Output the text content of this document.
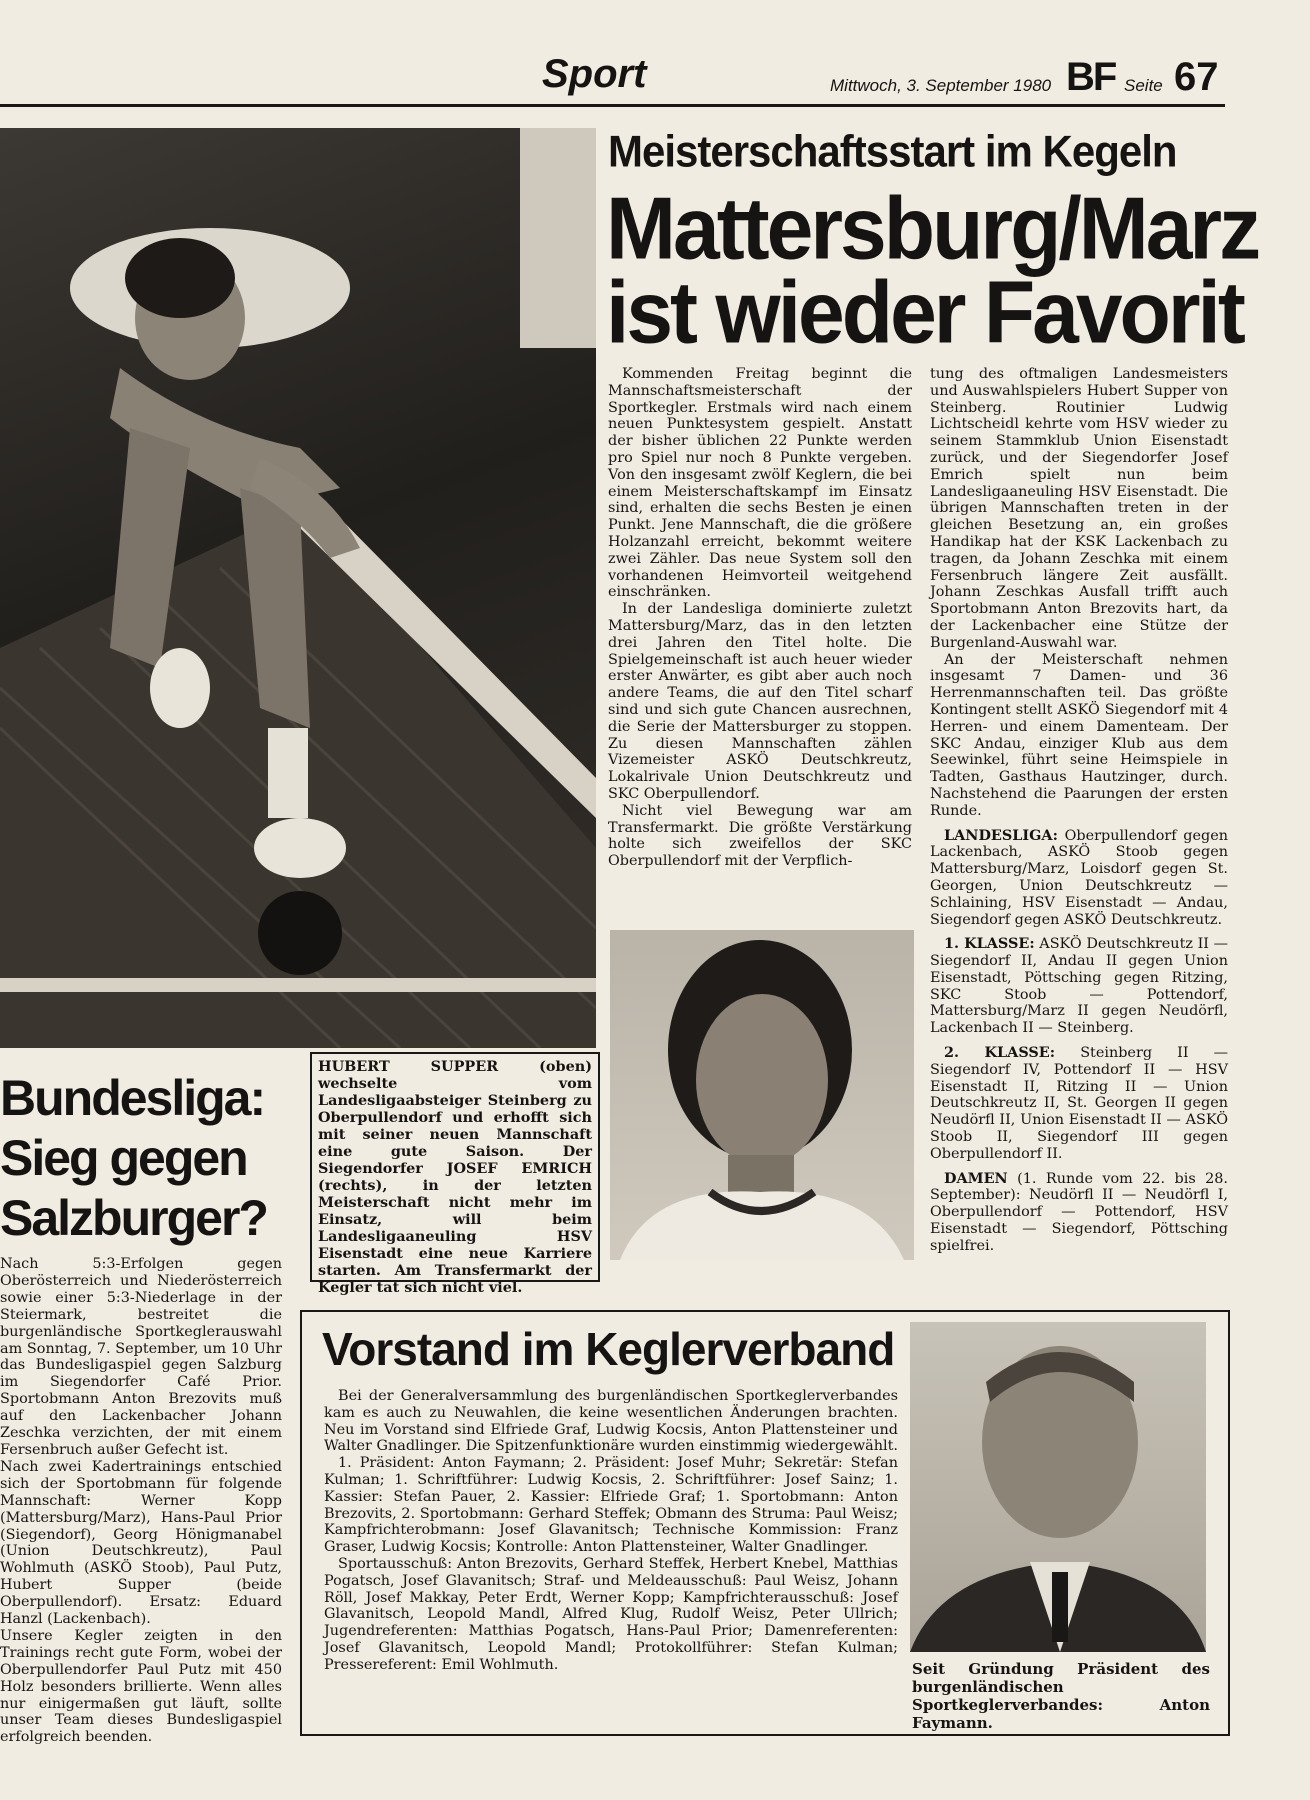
Sport	Mittwoch, 3. September 1980 BF Seite 67
Meisterschaftsstart im Kegeln
Mattersburg/Marz
ist wieder Favorit

Kommenden Freitag beginnt die Mannschaftsmeisterschaft der Sportkegler. Erstmals wird nach einem neuen Punktesystem gespielt. Anstatt der bisher üblichen 22 Punkte werden pro Spiel nur noch 8 Punkte vergeben. Von den insgesamt zwölf Keglern, die bei einem Meisterschaftskampf im Einsatz sind, erhalten die sechs Besten je einen Punkt. Jene Mannschaft, die die größere Holzanzahl erreicht, bekommt weitere zwei Zähler. Das neue System soll den vorhandenen Heimvorteil weitgehend einschränken.

In der Landesliga dominierte zuletzt Mattersburg/Marz, das in den letzten drei Jahren den Titel holte. Die Spielgemeinschaft ist auch heuer wieder erster Anwärter, es gibt aber auch noch andere Teams, die auf den Titel scharf sind und sich gute Chancen ausrechnen, die Serie der Mattersburger zu stoppen. Zu diesen Mannschaften zählen Vizemeister ASKÖ Deutschkreutz, Lokalrivale Union Deutschkreutz und SKC Oberpullendorf.

Nicht viel Bewegung war am Transfermarkt. Die größte Verstärkung holte sich zweifellos der SKC Oberpullendorf mit der Verpflich-

tung des oftmaligen Landesmeisters und Auswahlspielers Hubert Supper von Steinberg. Routinier Ludwig Lichtscheidl kehrte vom HSV wieder zu seinem Stammklub Union Eisenstadt zurück, und der Siegendorfer Josef Emrich spielt nun beim Landesligaaneuling HSV Eisenstadt. Die übrigen Mannschaften treten in der gleichen Besetzung an, ein großes Handikap hat der KSK Lackenbach zu tragen, da Johann Zeschka mit einem Fersenbruch längere Zeit ausfällt. Johann Zeschkas Ausfall trifft auch Sportobmann Anton Brezovits hart, da der Lackenbacher eine Stütze der Burgenland-Auswahl war.

An der Meisterschaft nehmen insgesamt 7 Damen- und 36 Herrenmannschaften teil. Das größte Kontingent stellt ASKÖ Siegendorf mit 4 Herren- und einem Damenteam. Der SKC Andau, einziger Klub aus dem Seewinkel, führt seine Heimspiele in Tadten, Gasthaus Hautzinger, durch. Nachstehend die Paarungen der ersten Runde.

LANDESLIGA: Oberpullendorf gegen Lackenbach, ASKÖ Stoob gegen Mattersburg/Marz, Loisdorf gegen St. Georgen, Union Deutschkreutz — Schlaining, HSV Eisenstadt — Andau, Siegendorf gegen ASKÖ Deutschkreutz.

1. KLASSE: ASKÖ Deutschkreutz II — Siegendorf II, Andau II gegen Union Eisenstadt, Pöttsching gegen Ritzing, SKC Stoob — Pottendorf, Mattersburg/Marz II gegen Neudörfl, Lackenbach II — Steinberg.

2. KLASSE: Steinberg II — Siegendorf IV, Pottendorf II — HSV Eisenstadt II, Ritzing II — Union Deutschkreutz II, St. Georgen II gegen Neudörfl II, Union Eisenstadt II — ASKÖ Stoob II, Siegendorf III gegen Oberpullendorf II.

DAMEN (1. Runde vom 22. bis 28. September): Neudörfl II — Neudörfl I, Oberpullendorf — Pottendorf, HSV Eisenstadt — Siegendorf, Pöttsching spielfrei.

HUBERT SUPPER (oben) wechselte vom Landesligaabsteiger Steinberg zu Oberpullendorf und erhofft sich mit seiner neuen Mannschaft eine gute Saison. Der Siegendorfer JOSEF EMRICH (rechts), in der letzten Meisterschaft nicht mehr im Einsatz, will beim Landesligaaneuling HSV Eisenstadt eine neue Karriere starten. Am Transfermarkt der Kegler tat sich nicht viel.
Bundesliga:
Sieg gegen
Salzburger?

Nach 5:3-Erfolgen gegen Oberösterreich und Niederösterreich sowie einer 5:3-Niederlage in der Steiermark, bestreitet die burgenländische Sportkeglerauswahl am Sonntag, 7. September, um 10 Uhr das Bundesligaspiel gegen Salzburg im Siegendorfer Café Prior. Sportobmann Anton Brezovits muß auf den Lackenbacher Johann Zeschka verzichten, der mit einem Fersenbruch außer Gefecht ist.

Nach zwei Kadertrainings entschied sich der Sportobmann für folgende Mannschaft: Werner Kopp (Mattersburg/Marz), Hans-Paul Prior (Siegendorf), Georg Hönigmanabel (Union Deutschkreutz), Paul Wohlmuth (ASKÖ Stoob), Paul Putz, Hubert Supper (beide Oberpullendorf). Ersatz: Eduard Hanzl (Lackenbach).

Unsere Kegler zeigten in den Trainings recht gute Form, wobei der Oberpullendorfer Paul Putz mit 450 Holz besonders brillierte. Wenn alles nur einigermaßen gut läuft, sollte unser Team dieses Bundesligaspiel erfolgreich beenden.

Vorstand im Keglerverband

Bei der Generalversammlung des burgenländischen Sportkeglerverbandes kam es auch zu Neuwahlen, die keine wesentlichen Änderungen brachten. Neu im Vorstand sind Elfriede Graf, Ludwig Kocsis, Anton Plattensteiner und Walter Gnadlinger. Die Spitzenfunktionäre wurden einstimmig wiedergewählt.

1. Präsident: Anton Faymann; 2. Präsident: Josef Muhr; Sekretär: Stefan Kulman; 1. Schriftführer: Ludwig Kocsis, 2. Schriftführer: Josef Sainz; 1. Kassier: Stefan Pauer, 2. Kassier: Elfriede Graf; 1. Sportobmann: Anton Brezovits, 2. Sportobmann: Gerhard Steffek; Obmann des Struma: Paul Weisz; Kampfrichterobmann: Josef Glavanitsch; Technische Kommission: Franz Graser, Ludwig Kocsis; Kontrolle: Anton Plattensteiner, Walter Gnadlinger.

Sportausschuß: Anton Brezovits, Gerhard Steffek, Herbert Knebel, Matthias Pogatsch, Josef Glavanitsch; Straf- und Meldeausschuß: Paul Weisz, Johann Röll, Josef Makkay, Peter Erdt, Werner Kopp; Kampfrichterausschuß: Josef Glavanitsch, Leopold Mandl, Alfred Klug, Rudolf Weisz, Peter Ullrich; Jugendreferenten: Matthias Pogatsch, Hans-Paul Prior; Damenreferenten: Josef Glavanitsch, Leopold Mandl; Protokollführer: Stefan Kulman; Pressereferent: Emil Wohlmuth.	Seit Gründung Präsident des burgenländischen Sportkeglerverbandes: Anton Faymann.
